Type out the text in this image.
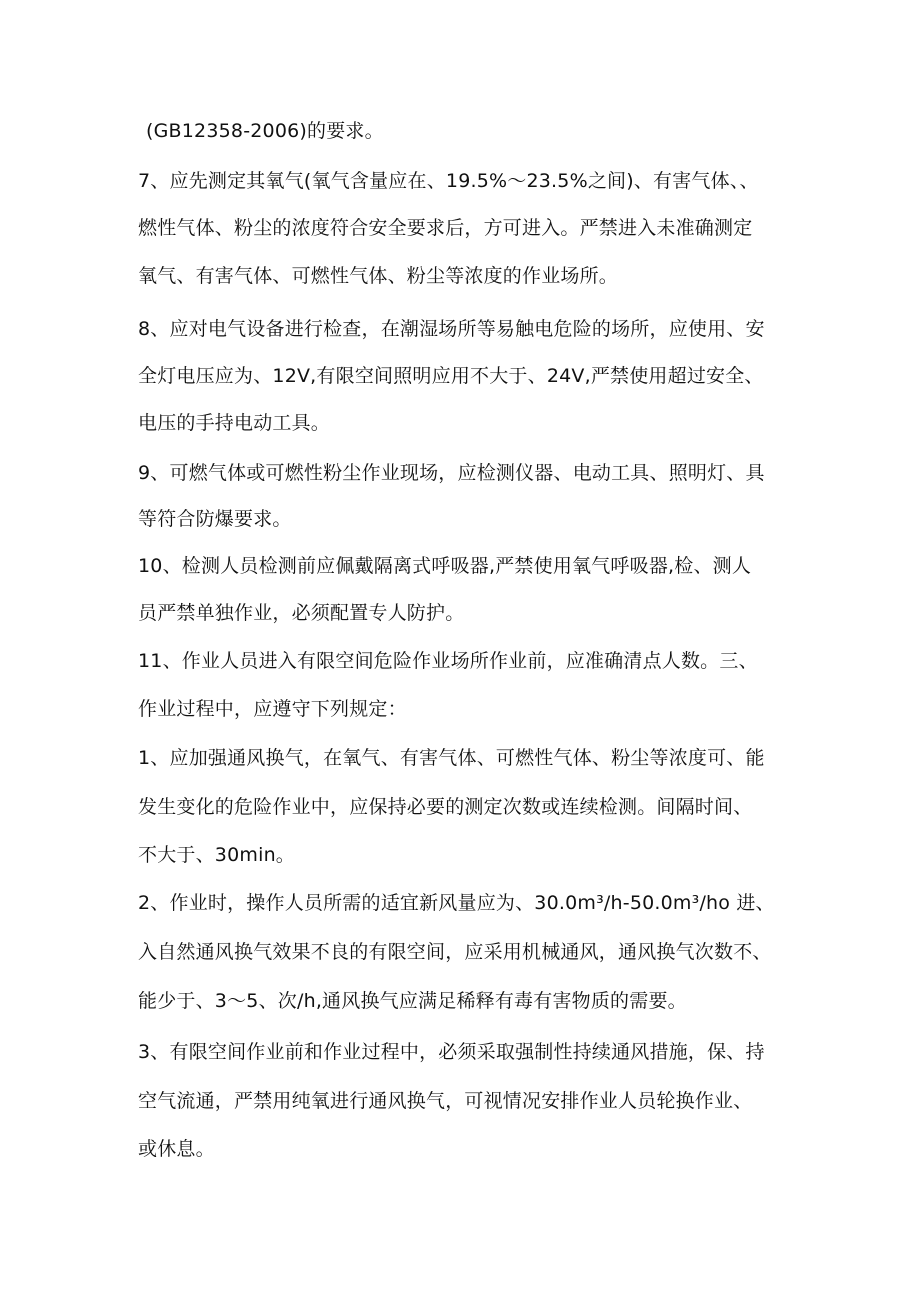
(GB12358-2006)的要求。
7、应先测定其氧气(氧气含量应在、19.5%～23.5%之间)、有害气体、、
燃性气体、粉尘的浓度符合安全要求后，方可进入。严禁进入未准确测定
氧气、有害气体、可燃性气体、粉尘等浓度的作业场所。
8、应对电气设备进行检查，在潮湿场所等易触电危险的场所，应使用、安
全灯电压应为、12V,有限空间照明应用不大于、24V,严禁使用超过安全、
电压的手持电动工具。
9、可燃气体或可燃性粉尘作业现场，应检测仪器、电动工具、照明灯、具
等符合防爆要求。
10、检测人员检测前应佩戴隔离式呼吸器,严禁使用氧气呼吸器,检、测人
员严禁单独作业，必须配置专人防护。
11、作业人员进入有限空间危险作业场所作业前，应准确清点人数。三、
作业过程中，应遵守下列规定：
1、应加强通风换气，在氧气、有害气体、可燃性气体、粉尘等浓度可、能
发生变化的危险作业中，应保持必要的测定次数或连续检测。间隔时间、
不大于、30min。
2、作业时，操作人员所需的适宜新风量应为、30.0m³/h-50.0m³/ho 进、
入自然通风换气效果不良的有限空间，应采用机械通风，通风换气次数不、
能少于、3～5、次/h,通风换气应满足稀释有毒有害物质的需要。
3、有限空间作业前和作业过程中，必须采取强制性持续通风措施，保、持
空气流通，严禁用纯氧进行通风换气，可视情况安排作业人员轮换作业、
或休息。
